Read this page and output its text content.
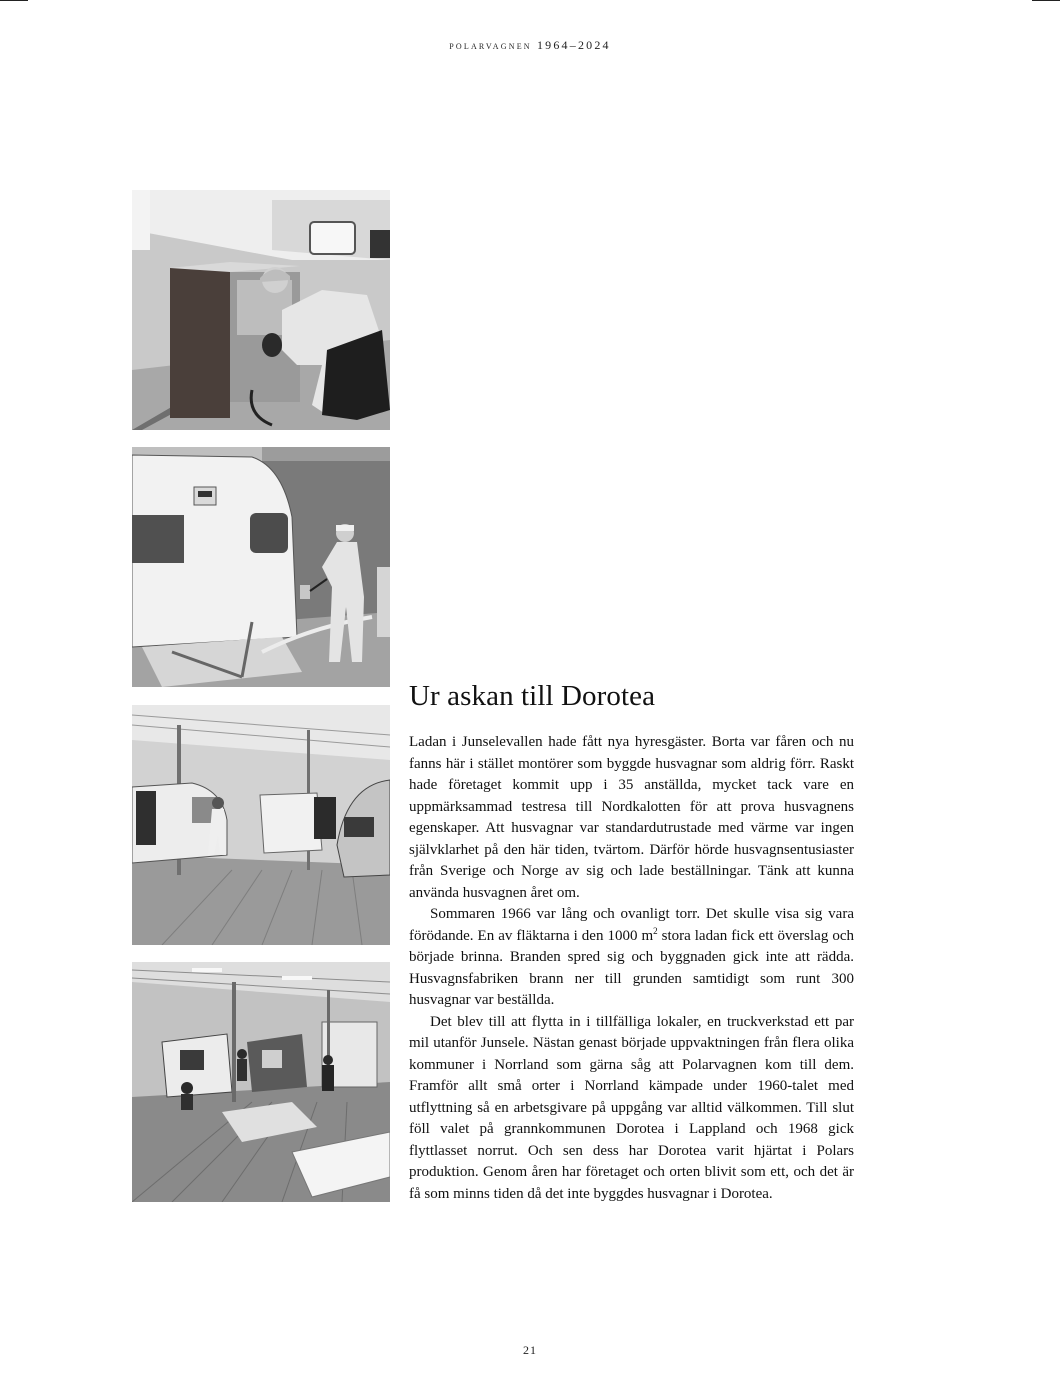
polarvagnen 1964–2024
Ur askan till Dorotea

Ladan i Junselevallen hade fått nya hyresgäster. Borta var fåren och nu fanns här i stället montörer som byggde husvagnar som aldrig förr. Raskt hade företaget kommit upp i 35 anställda, mycket tack vare en uppmärksammad testresa till Nordkalotten för att prova husvagnens egenskaper. Att husvagnar var standardutrustade med värme var ingen självklarhet på den här tiden, tvärtom. Därför hörde husvagnsentusiaster från Sverige och Norge av sig och lade beställningar. Tänk att kunna använda husvagnen året om.

Sommaren 1966 var lång och ovanligt torr. Det skulle visa sig vara förödande. En av fläktarna i den 1000 $m^2$ stora ladan fick ett överslag och började brinna. Branden spred sig och byggnaden gick inte att rädda. Husvagnsfabriken brann ner till grunden samtidigt som runt 300 husvagnar var beställda.

Det blev till att flytta in i tillfälliga lokaler, en truckverkstad ett par mil utanför Junsele. Nästan genast började uppvaktningen från flera olika kommuner i Norrland som gärna såg att Polarvagnen kom till dem. Framför allt små orter i Norrland kämpade under 1960-talet med utflyttning så en arbetsgivare på uppgång var alltid välkommen. Till slut föll valet på grannkommunen Dorotea i Lappland och 1968 gick flyttlasset norrut. Och sen dess har Dorotea varit hjärtat i Polars produktion. Genom åren har företaget och orten blivit som ett, och det är få som minns tiden då det inte byggdes husvagnar i Dorotea.

21
